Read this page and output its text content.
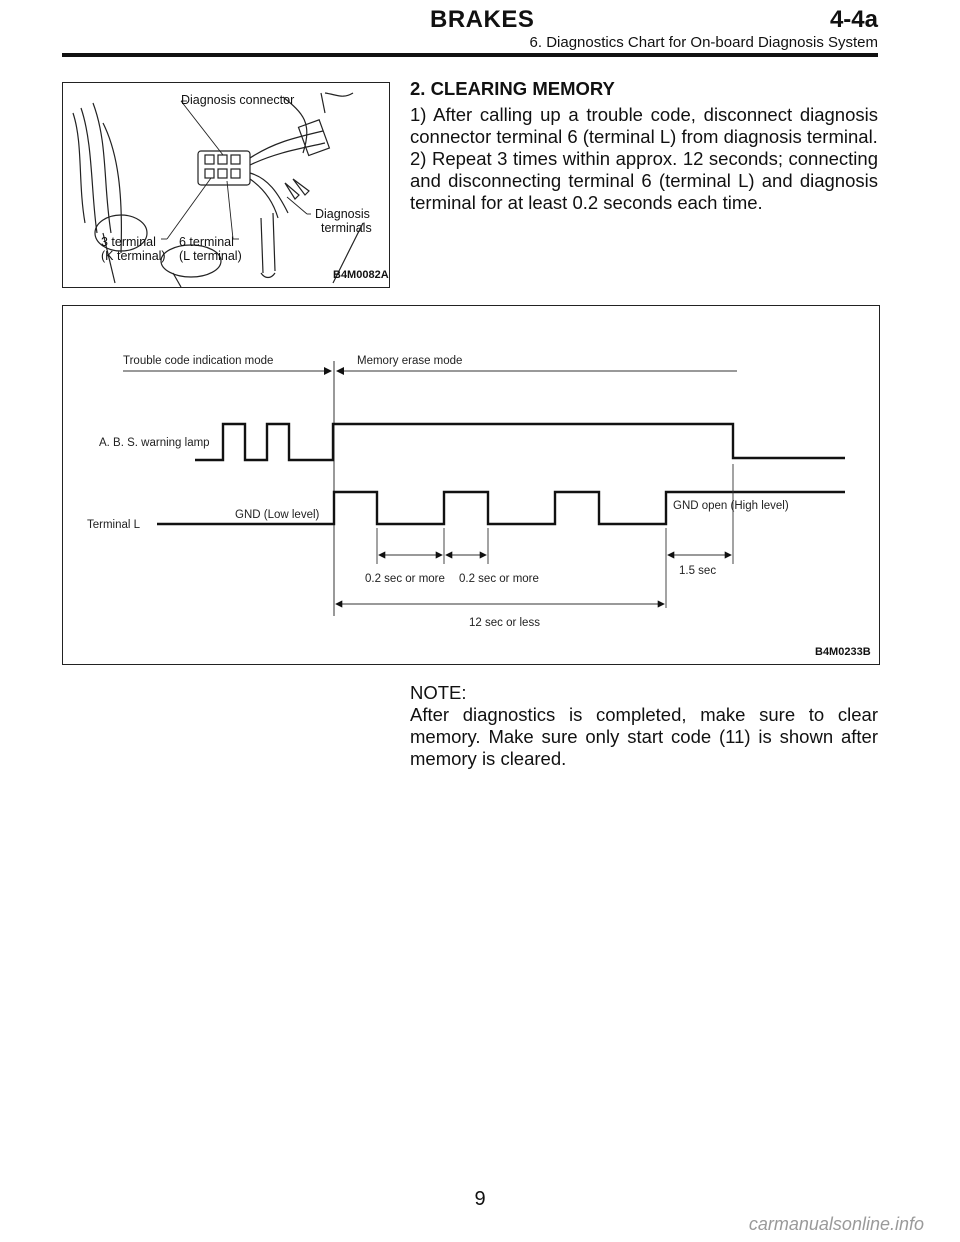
BRAKES	4-4a
6. Diagnostics Chart for On-board Diagnosis System
B4M0082A
Diagnosis connector
Diagnosis
terminals
3 terminal
(K terminal)
6 terminal
(L terminal)

2. CLEARING MEMORY

1) After calling up a trouble code, disconnect diagnosis connector terminal 6 (terminal L) from diagnosis terminal.

2) Repeat 3 times within approx. 12 seconds; connecting and disconnecting terminal 6 (terminal L) and diagnosis terminal for at least 0.2 seconds each time.

Trouble code indication mode	Memory erase mode
A. B. S. warning lamp
Terminal L
GND (Low level)
GND open (High level)
0.2 sec or more 0.2 sec or more
1.5 sec
12 sec or less
B4M0233B

NOTE:

After diagnostics is completed, make sure to clear memory. Make sure only start code (11) is shown after memory is cleared.

9
carmanualsonline.info
